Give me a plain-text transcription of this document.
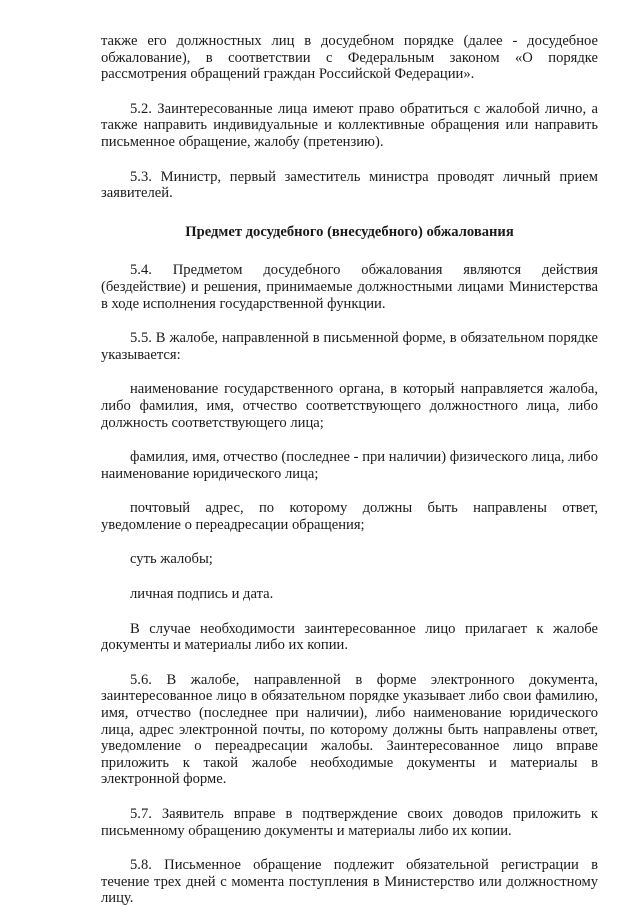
также его должностных лиц в досудебном порядке (далее - досудебное обжалование), в соответствии с Федеральным законом «О порядке рассмотрения обращений граждан Российской Федерации».

5.2. Заинтересованные лица имеют право обратиться с жалобой лично, а также направить индивидуальные и коллективные обращения или направить письменное обращение, жалобу (претензию).

5.3. Министр, первый заместитель министра проводят личный прием заявителей.

Предмет досудебного (внесудебного) обжалования

5.4. Предметом досудебного обжалования являются действия (бездействие) и решения, принимаемые должностными лицами Министерства в ходе исполнения государственной функции.

5.5. В жалобе, направленной в письменной форме, в обязательном порядке указывается:

наименование государственного органа, в который направляется жалоба, либо фамилия, имя, отчество соответствующего должностного лица, либо должность соответствующего лица;

фамилия, имя, отчество (последнее - при наличии) физического лица, либо наименование юридического лица;

почтовый адрес, по которому должны быть направлены ответ, уведомление о переадресации обращения;

суть жалобы;

личная подпись и дата.

В случае необходимости заинтересованное лицо прилагает к жалобе документы и материалы либо их копии.

5.6. В жалобе, направленной в форме электронного документа, заинтересованное лицо в обязательном порядке указывает либо свои фамилию, имя, отчество (последнее при наличии), либо наименование юридического лица, адрес электронной почты, по которому должны быть направлены ответ, уведомление о переадресации жалобы. Заинтересованное лицо вправе приложить к такой жалобе необходимые документы и материалы в электронной форме.

5.7. Заявитель вправе в подтверждение своих доводов приложить к письменному обращению документы и материалы либо их копии.

5.8. Письменное обращение подлежит обязательной регистрации в течение трех дней с момента поступления в Министерство или должностному лицу.
